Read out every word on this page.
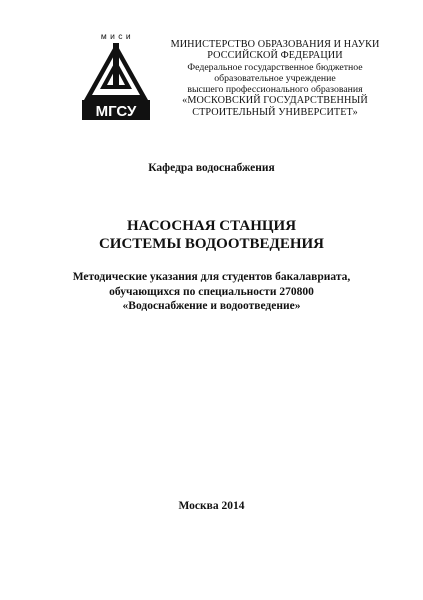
м и с и
МГСУ
МИНИСТЕРСТВО ОБРАЗОВАНИЯ И НАУКИ
РОССИЙСКОЙ ФЕДЕРАЦИИ
Федеральное государственное бюджетное
образовательное учреждение
высшего профессионального образования
«МОСКОВСКИЙ ГОСУДАРСТВЕННЫЙ
СТРОИТЕЛЬНЫЙ УНИВЕРСИТЕТ»
Кафедра водоснабжения
НАСОСНАЯ СТАНЦИЯ
СИСТЕМЫ ВОДООТВЕДЕНИЯ
Методические указания для студентов бакалавриата,
обучающихся по специальности 270800
«Водоснабжение и водоотведение»
Москва 2014
